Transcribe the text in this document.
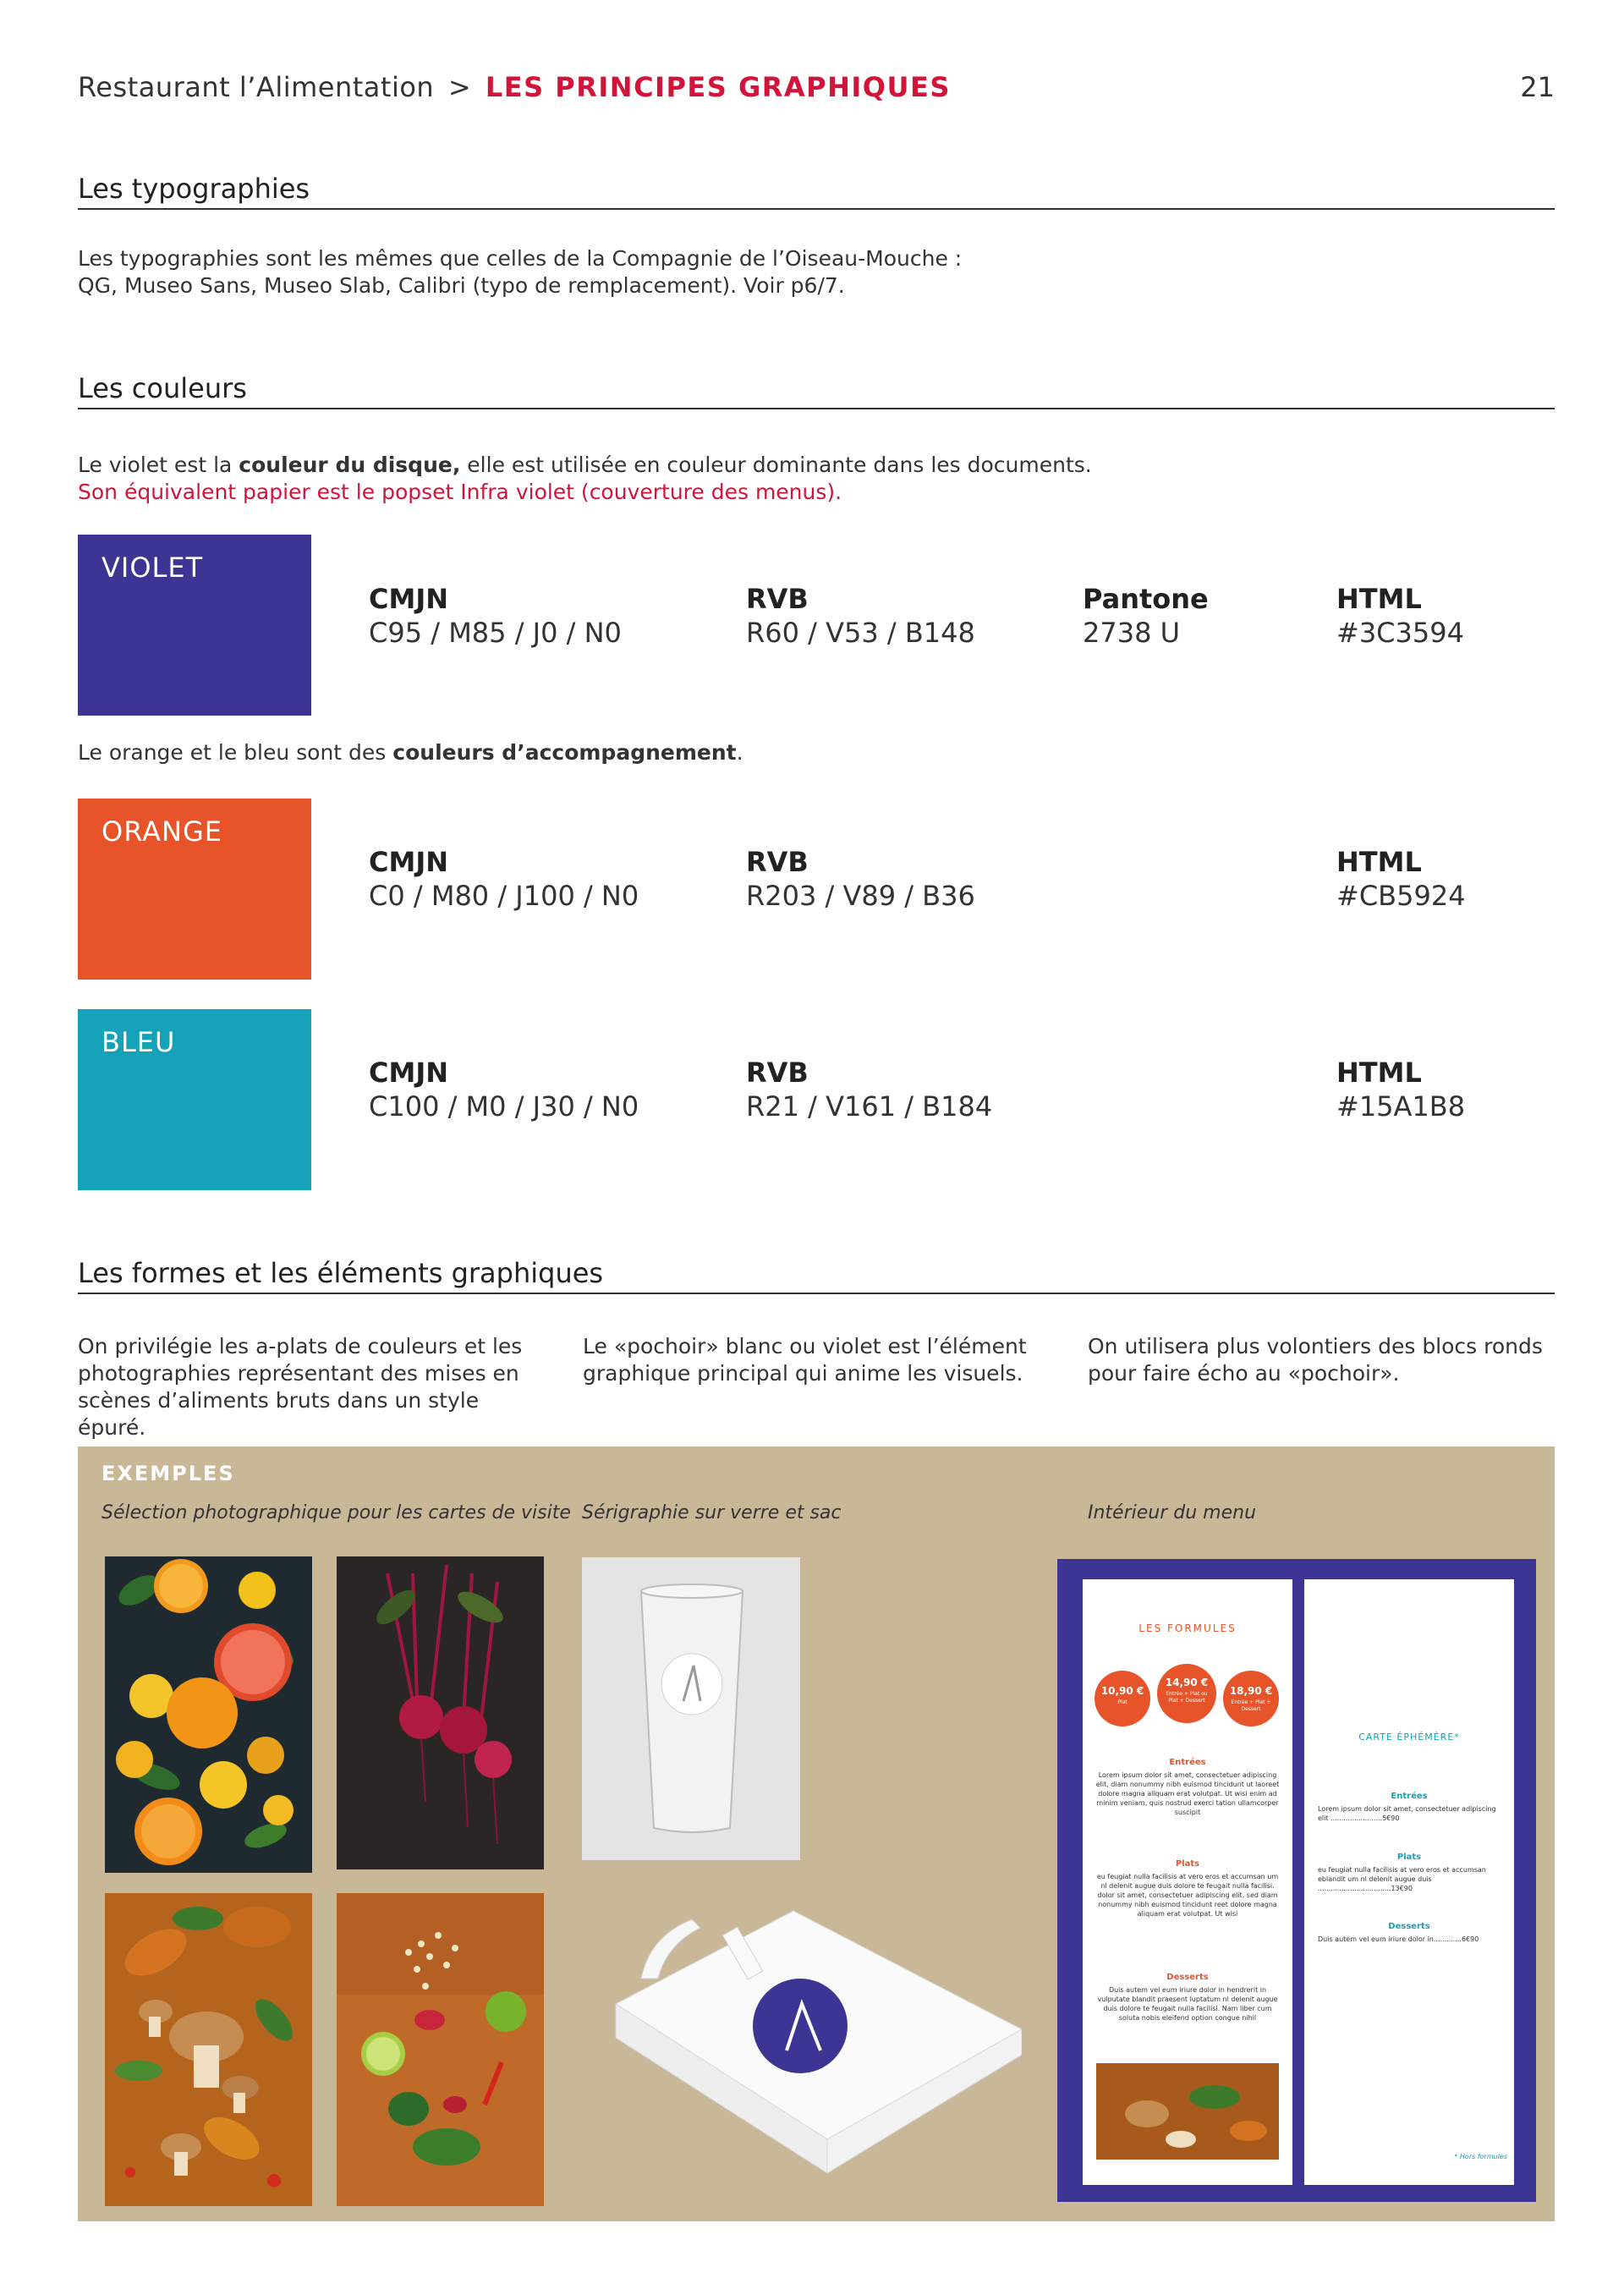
Restaurant l’Alimentation > LES PRINCIPES GRAPHIQUES	21
Les typographies
Les typographies sont les mêmes que celles de la Compagnie de l’Oiseau-Mouche :
QG, Museo Sans, Museo Slab, Calibri (typo de remplacement). Voir p6/7.
Les couleurs
Le violet est la couleur du disque, elle est utilisée en couleur dominante dans les documents.
Son équivalent papier est le popset Infra violet (couverture des menus).
VIOLET
CMJN
C95 / M85 / J0 / N0
RVB
R60 / V53 / B148
Pantone
2738 U
HTML
#3C3594
Le orange et le bleu sont des couleurs d’accompagnement.
ORANGE
CMJN
C0 / M80 / J100 / N0
RVB
R203 / V89 / B36
HTML
#CB5924
BLEU
CMJN
C100 / M0 / J30 / N0
RVB
R21 / V161 / B184
HTML
#15A1B8
Les formes et les éléments graphiques
On privilégie les a-plats de couleurs et les
photographies représentant des mises en
scènes d’aliments bruts dans un style épuré.
Le «pochoir» blanc ou violet est l’élément
graphique principal qui anime les visuels.
On utilisera plus volontiers des blocs ronds
pour faire écho au «pochoir».
EXEMPLES
Sélection photographique pour les cartes de visite Sérigraphie sur verre et sac	Intérieur du menu
LES FORMULES
10,90 €
Plat
14,90 €
Entrée + Plat ou Plat + Dessert
18,90 €
Entrée + Plat + Dessert
Entrées
Lorem ipsum dolor sit amet, consectetuer adipiscing elit, diam nonummy nibh euismod tincidunt ut laoreet dolore magna aliquam erat volutpat. Ut wisi enim ad minim veniam, quis nostrud exerci tation ullamcorper suscipit
Plats
eu feugiat nulla facilisis at vero eros et accumsan um nl delenit augue duis dolore te feugait nulla facilisi. dolor sit amet, consectetuer adipiscing elit, sed diam nonummy nibh euismod tincidunt reet dolore magna aliquam erat volutpat. Ut wisi
Desserts
Duis autem vel eum iriure dolor in hendrerit in vulputate blandit praesent luptatum nl delenit augue duis dolore te feugait nulla facilisi. Nam liber cum soluta nobis eleifend option congue nihil
CARTE ÉPHÉMÈRE*
Entrées
Lorem ipsum dolor sit amet, consectetuer adipiscing elit ........................5€90
Plats
eu feugiat nulla facilisis at vero eros et accumsan eblandit um nl delenit augue duis ..................................13€90
Desserts
Duis autem vel eum iriure dolor in.............6€90
* Hors formules
